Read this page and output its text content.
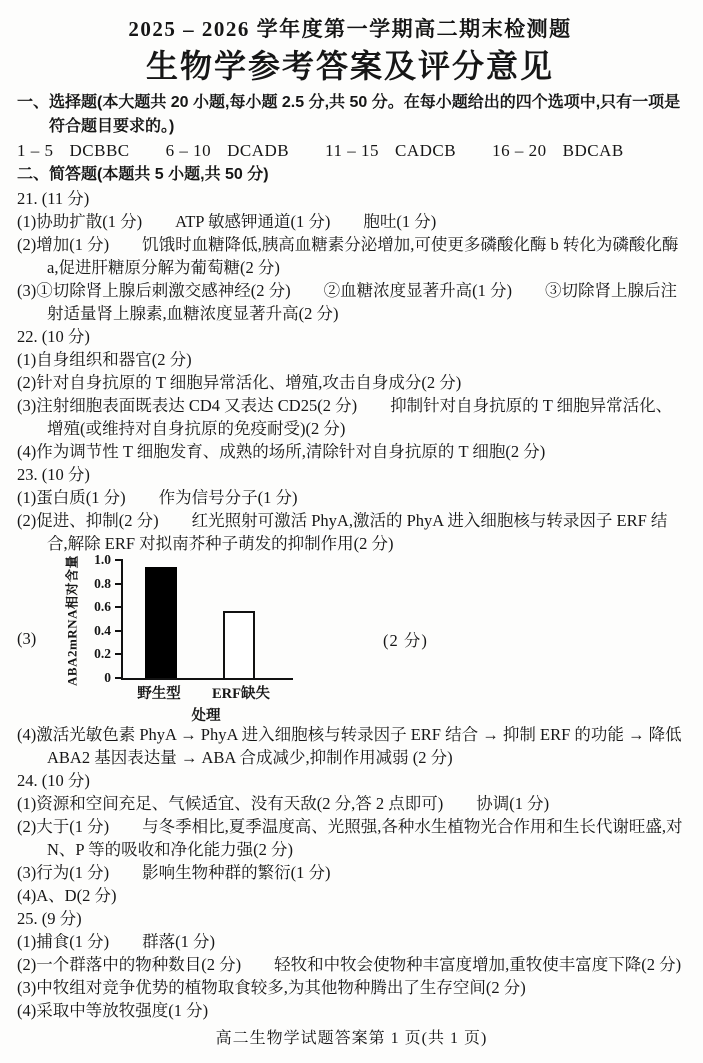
2025 – 2026 学年度第一学期高二期末检测题
生物学参考答案及评分意见
一、选择题(本大题共 20 小题,每小题 2.5 分,共 50 分。在每小题给出的四个选项中,只有一项是符合题目要求的。)
1 – 5 DCBBC 6 – 10 DCADB 11 – 15 CADCB 16 – 20 BDCAB
二、简答题(本题共 5 小题,共 50 分)
21. (11 分)
(1)协助扩散(1 分)　　ATP 敏感钾通道(1 分)　　胞吐(1 分)
(2)增加(1 分)　　饥饿时血糖降低,胰高血糖素分泌增加,可使更多磷酸化酶 b 转化为磷酸化酶 a,促进肝糖原分解为葡萄糖(2 分)
(3)①切除肾上腺后刺激交感神经(2 分)　　②血糖浓度显著升高(1 分)　　③切除肾上腺后注射适量肾上腺素,血糖浓度显著升高(2 分)
22. (10 分)
(1)自身组织和器官(2 分)
(2)针对自身抗原的 T 细胞异常活化、增殖,攻击自身成分(2 分)
(3)注射细胞表面既表达 CD4 又表达 CD25(2 分)　　抑制针对自身抗原的 T 细胞异常活化、增殖(或维持对自身抗原的免疫耐受)(2 分)
(4)作为调节性 T 细胞发育、成熟的场所,清除针对自身抗原的 T 细胞(2 分)
23. (10 分)
(1)蛋白质(1 分)　　作为信号分子(1 分)
(2)促进、抑制(2 分)　　红光照射可激活 PhyA,激活的 PhyA 进入细胞核与转录因子 ERF 结合,解除 ERF 对拟南芥种子萌发的抑制作用(2 分)
(3)	ABA2mRNA相对含量	1.0
0.8
0.6
0.4
0.2
0
野生型	ERF缺失
处理
(2 分)
(4)激活光敏色素 PhyA → PhyA 进入细胞核与转录因子 ERF 结合 → 抑制 ERF 的功能 → 降低 ABA2 基因表达量 → ABA 合成减少,抑制作用减弱 (2 分)
24. (10 分)
(1)资源和空间充足、气候适宜、没有天敌(2 分,答 2 点即可)　　协调(1 分)
(2)大于(1 分)　　与冬季相比,夏季温度高、光照强,各种水生植物光合作用和生长代谢旺盛,对 N、P 等的吸收和净化能力强(2 分)
(3)行为(1 分)　　影响生物种群的繁衍(1 分)
(4)A、D(2 分)
25. (9 分)
(1)捕食(1 分)　　群落(1 分)
(2)一个群落中的物种数目(2 分)　　轻牧和中牧会使物种丰富度增加,重牧使丰富度下降(2 分)
(3)中牧组对竞争优势的植物取食较多,为其他物种腾出了生存空间(2 分)
(4)采取中等放牧强度(1 分)
高二生物学试题答案第 1 页(共 1 页)
